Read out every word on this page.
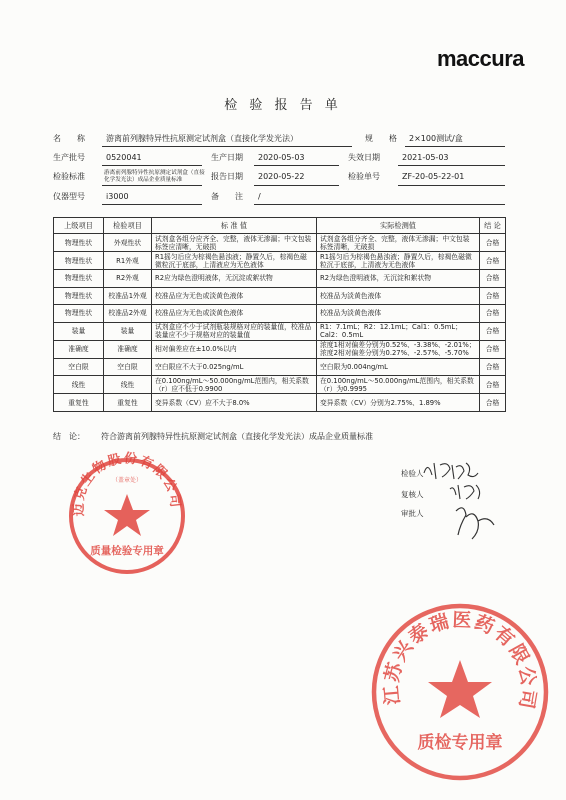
maccura
检 验 报 告 单
名　　称	游离前列腺特异性抗原测定试剂盒（直接化学发光法）	规　　格 2×100测试/盒
生产批号	0520041	生产日期 2020-05-03	失效日期	2021-05-03
检验标准	游离前列腺特异性抗原测定试剂盒（直接化学发光法）成品企业质量标准	报告日期 2020-05-22	检验单号	ZF-20-05-22-01
仪器型号	i3000	备　　注 /
上级项目	检验项目	标 准 值	实际检测值	结 论
物理性状	外观性状	试剂盒各组分应齐全、完整，液体无渗漏；中文包装标签应清晰，无破损	试剂盒各组分齐全、完整，液体无渗漏；中文包装标签清晰，无破损	合格
物理性状	R1外观	R1摇匀后应为棕褐色悬浊液；静置久后，棕褐色磁微粒沉于底部，上清液应为无色液体	R1摇匀后为棕褐色悬浊液；静置久后，棕褐色磁微粒沉于底部，上清液为无色液体	合格
物理性状	R2外观	R2应为绿色澄明液体，无沉淀或絮状物	R2为绿色澄明液体，无沉淀和絮状物	合格
物理性状	校准品1外观	校准品应为无色或淡黄色液体	校准品为淡黄色液体	合格
物理性状	校准品2外观	校准品应为无色或淡黄色液体	校准品为淡黄色液体	合格
装量	装量	试剂盒应不少于试剂瓶装规格对应的装量值，校准品装量应不少于规格对应的装量值	R1：7.1mL；R2：12.1mL；Cal1：0.5mL；Cal2：0.5mL	合格
准确度	准确度	相对偏差应在±10.0%以内	浓度1相对偏差分别为0.52%、-3.38%、-2.01%；浓度2相对偏差分别为0.27%、-2.57%、-5.70%	合格
空白限	空白限	空白限应不大于0.025ng/mL	空白限为0.004ng/mL	合格
线性	线性	在0.100ng/mL～50.000ng/mL范围内，相关系数（r）应不低于0.9900	在0.100ng/mL～50.000ng/mL范围内，相关系数（r）为0.9995	合格
重复性	重复性	变异系数（CV）应不大于8.0%	变异系数（CV）分别为2.75%、1.89%	合格
结　论： 符合游离前列腺特异性抗原测定试剂盒（直接化学发光法）成品企业质量标准
检验人
复核人
审批人
迈克生物股份有限公司
（盖章处）
质量检验专用章
江苏兴泰瑞医药有限公司
质检专用章
